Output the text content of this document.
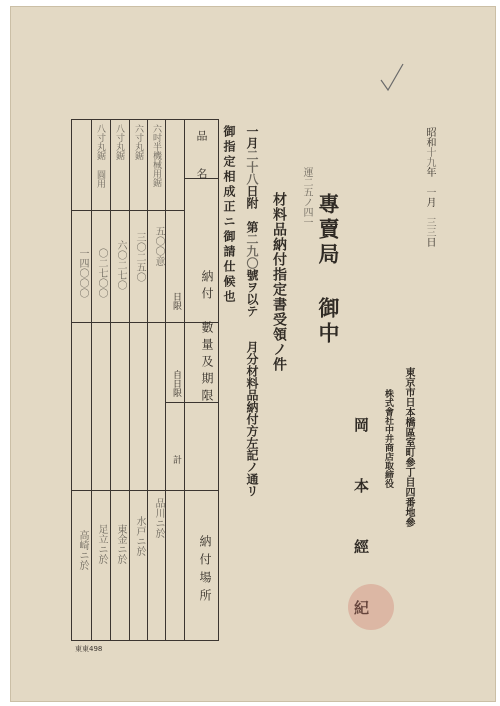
昭和十九年　一月　三三日
東京市日本橋區室町參丁目四番地參
株式會社中井商店取締役
岡 本 經 紀
專賣局 御中
運二五ノ四一
材料品納付指定書受領ノ件
一月二十八日附　第二九〇號ヲ以テ　　月分材料品納付方左記ノ通リ
御指定相成正ニ御請仕候也
品　名
納付　數量及期限
日限
自日限
計
納付場所
六吋半機械用鋸
五〇〇意
品川ニ於
六寸丸鋸
三〇二五〇
水戸ニ於
八寸丸鋸
六〇二七〇
東金ニ於
八寸丸鋸 圓用
〇二七〇〇
足立ニ於
一四〇〇〇
高崎ニ於
東東498
